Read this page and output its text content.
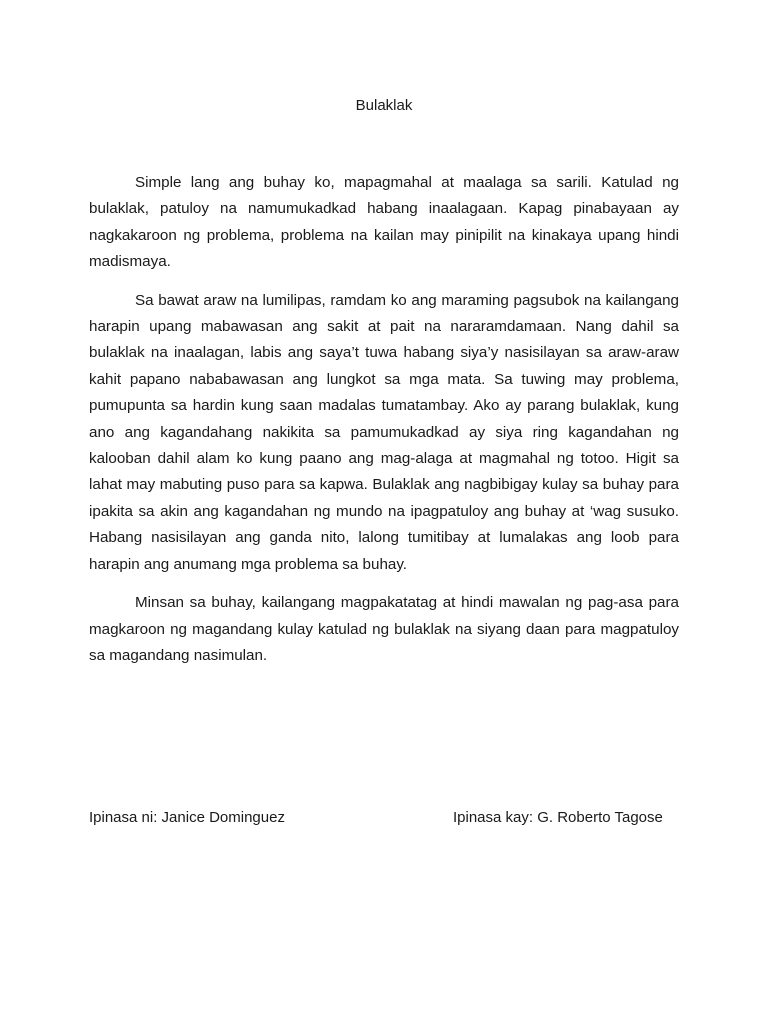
Bulaklak

Simple lang ang buhay ko, mapagmahal at maalaga sa sarili. Katulad ng bulaklak, patuloy na namumukadkad habang inaalagaan. Kapag pinabayaan ay nagkakaroon ng problema, problema na kailan may pinipilit na kinakaya upang hindi madismaya.

Sa bawat araw na lumilipas, ramdam ko ang maraming pagsubok na kailangang harapin upang mabawasan ang sakit at pait na nararamdamaan. Nang dahil sa bulaklak na inaalagan, labis ang saya’t tuwa habang siya’y nasisilayan sa araw-araw kahit papano nababawasan ang lungkot sa mga mata. Sa tuwing may problema, pumupunta sa hardin kung saan madalas tumatambay. Ako ay parang bulaklak, kung ano ang kagandahang nakikita sa pamumukadkad ay siya ring kagandahan ng kalooban dahil alam ko kung paano ang mag-alaga at magmahal ng totoo. Higit sa lahat may mabuting puso para sa kapwa. Bulaklak ang nagbibigay kulay sa buhay para ipakita sa akin ang kagandahan ng mundo na ipagpatuloy ang buhay at ‘wag susuko. Habang nasisilayan ang ganda nito, lalong tumitibay at lumalakas ang loob para harapin ang anumang mga problema sa buhay.

Minsan sa buhay, kailangang magpakatatag at hindi mawalan ng pag-asa para magkaroon ng magandang kulay katulad ng bulaklak na siyang daan para magpatuloy sa magandang nasimulan.

Ipinasa ni: Janice Dominguez	Ipinasa kay: G. Roberto Tagose
